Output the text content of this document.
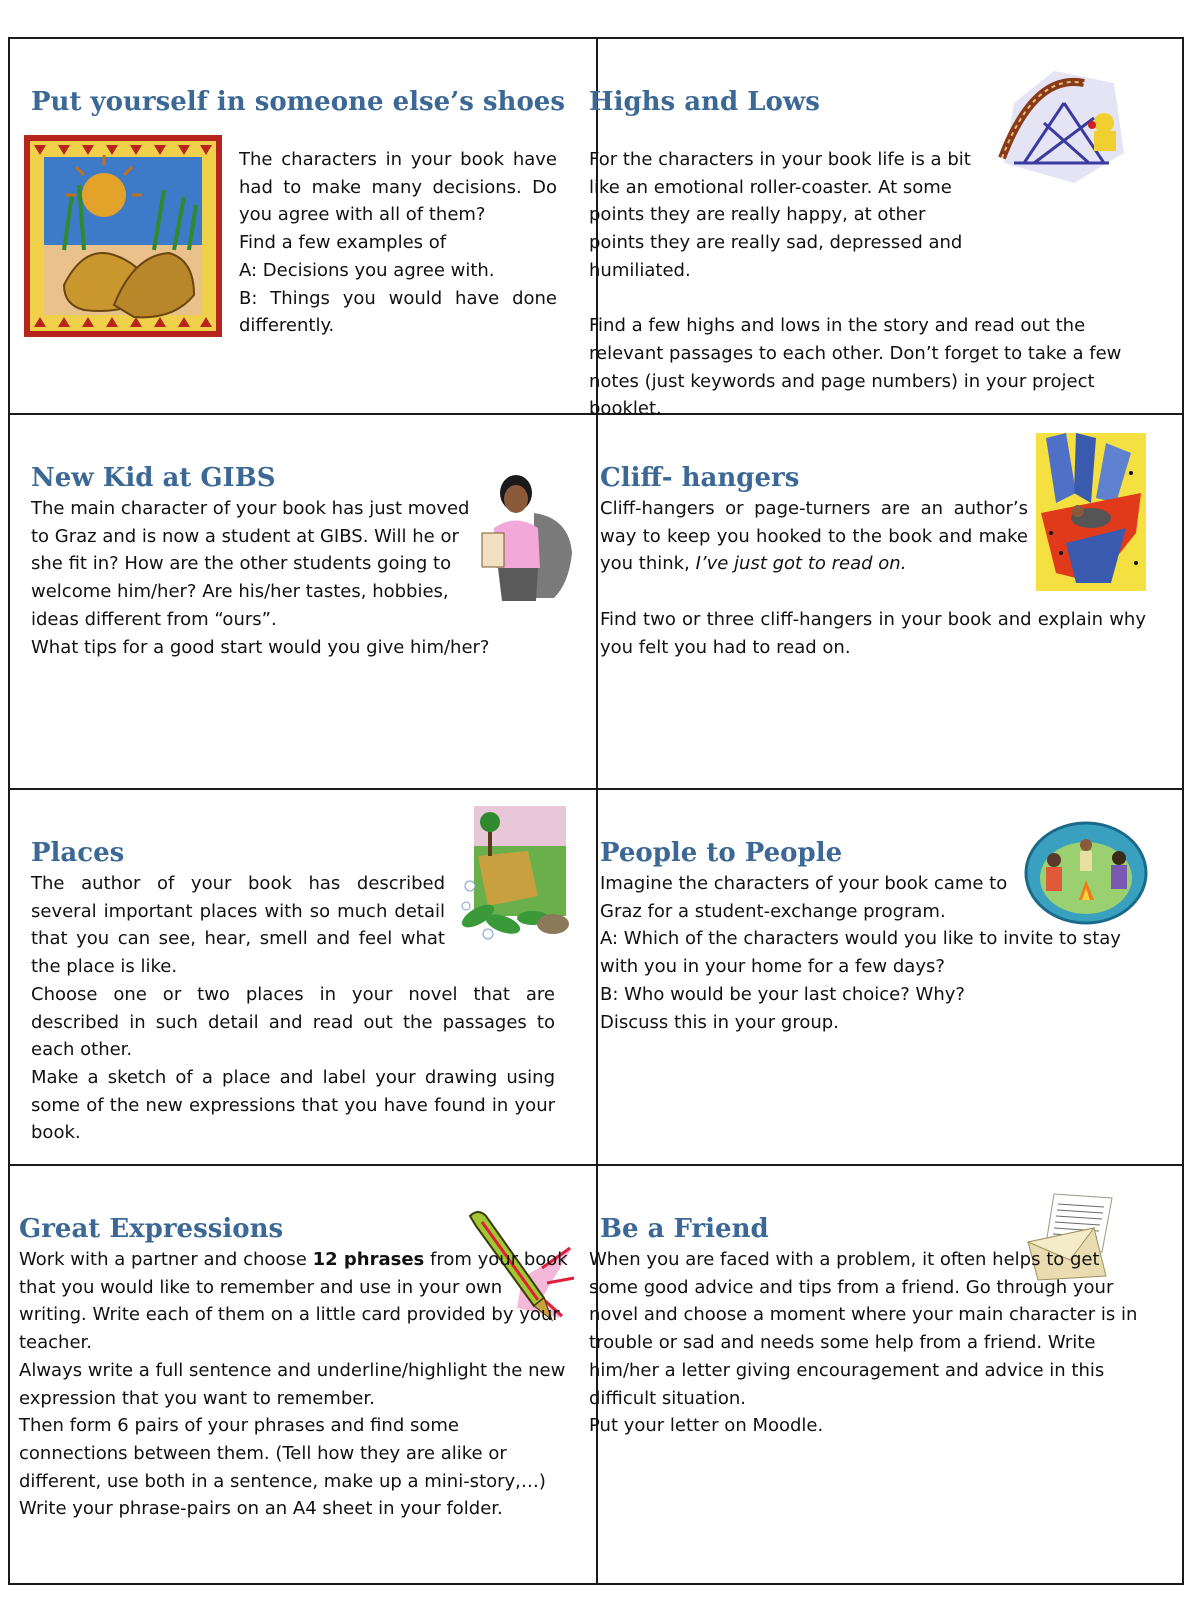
Put yourself in someone else’s shoes

The characters in your book have had to make many decisions. Do you agree with all of them?

Find a few examples of

A: Decisions you agree with.

B: Things you would have done differently.

Highs and Lows

For the characters in your book life is a bit like an emotional roller-coaster. At some points they are really happy, at other points they are really sad, depressed and humiliated.

Find a few highs and lows in the story and read out the relevant passages to each other. Don’t forget to take a few notes (just keywords and page numbers) in your project booklet.

New Kid at GIBS

The main character of your book has just moved to Graz and is now a student at GIBS. Will he or she fit in? How are the other students going to welcome him/her? Are his/her tastes, hobbies, ideas different from “ours”.

What tips for a good start would you give him/her?

Cliff- hangers

Cliff-hangers or page-turners are an author’s way to keep you hooked to the book and make you think, I’ve just got to read on.

Find two or three cliff-hangers in your book and explain why you felt you had to read on.

Places

The author of your book has described several important places with so much detail that you can see, hear, smell and feel what the place is like.

Choose one or two places in your novel that are described in such detail and read out the passages to each other.

Make a sketch of a place and label your drawing using some of the new expressions that you have found in your book.

People to People

Imagine the characters of your book came to Graz for a student-exchange program.

A: Which of the characters would you like to invite to stay with you in your home for a few days?

B: Who would be your last choice? Why?

Discuss this in your group.

Great Expressions

Work with a partner and choose 12 phrases from your book that you would like to remember and use in your own writing. Write each of them on a little card provided by your teacher.

Always write a full sentence and underline/highlight the new expression that you want to remember.

Then form 6 pairs of your phrases and find some connections between them. (Tell how they are alike or different, use both in a sentence, make up a mini-story,…)

Write your phrase-pairs on an A4 sheet in your folder.

Be a Friend

When you are faced with a problem, it often helps to get some good advice and tips from a friend. Go through your novel and choose a moment where your main character is in trouble or sad and needs some help from a friend. Write him/her a letter giving encouragement and advice in this difficult situation.

Put your letter on Moodle.
